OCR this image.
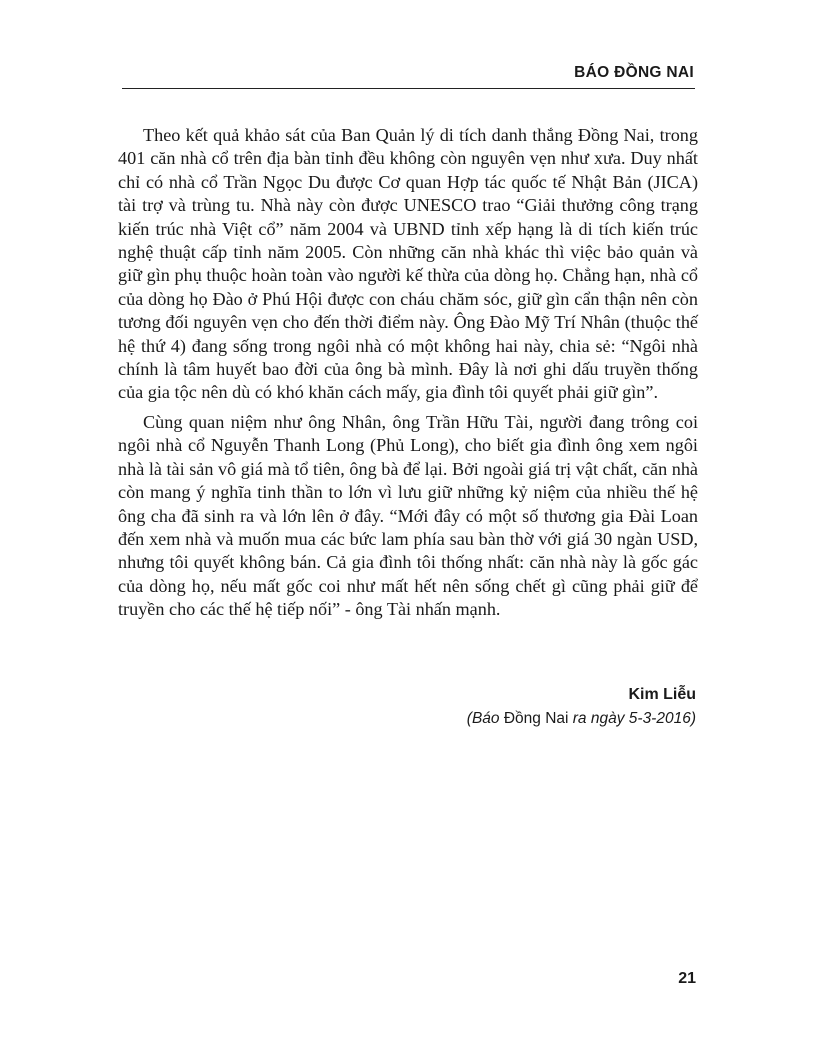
BÁO ĐỒNG NAI

Theo kết quả khảo sát của Ban Quản lý di tích danh thắng Đồng Nai, trong 401 căn nhà cổ trên địa bàn tỉnh đều không còn nguyên vẹn như xưa. Duy nhất chỉ có nhà cổ Trần Ngọc Du được Cơ quan Hợp tác quốc tế Nhật Bản (JICA) tài trợ và trùng tu. Nhà này còn được UNESCO trao “Giải thưởng công trạng kiến trúc nhà Việt cổ” năm 2004 và UBND tỉnh xếp hạng là di tích kiến trúc nghệ thuật cấp tỉnh năm 2005. Còn những căn nhà khác thì việc bảo quản và giữ gìn phụ thuộc hoàn toàn vào người kế thừa của dòng họ. Chẳng hạn, nhà cổ của dòng họ Đào ở Phú Hội được con cháu chăm sóc, giữ gìn cẩn thận nên còn tương đối nguyên vẹn cho đến thời điểm này. Ông Đào Mỹ Trí Nhân (thuộc thế hệ thứ 4) đang sống trong ngôi nhà có một không hai này, chia sẻ: “Ngôi nhà chính là tâm huyết bao đời của ông bà mình. Đây là nơi ghi dấu truyền thống của gia tộc nên dù có khó khăn cách mấy, gia đình tôi quyết phải giữ gìn”.

Cùng quan niệm như ông Nhân, ông Trần Hữu Tài, người đang trông coi ngôi nhà cổ Nguyễn Thanh Long (Phủ Long), cho biết gia đình ông xem ngôi nhà là tài sản vô giá mà tổ tiên, ông bà để lại. Bởi ngoài giá trị vật chất, căn nhà còn mang ý nghĩa tinh thần to lớn vì lưu giữ những kỷ niệm của nhiều thế hệ ông cha đã sinh ra và lớn lên ở đây. “Mới đây có một số thương gia Đài Loan đến xem nhà và muốn mua các bức lam phía sau bàn thờ với giá 30 ngàn USD, nhưng tôi quyết không bán. Cả gia đình tôi thống nhất: căn nhà này là gốc gác của dòng họ, nếu mất gốc coi như mất hết nên sống chết gì cũng phải giữ để truyền cho các thế hệ tiếp nối” - ông Tài nhấn mạnh.

Kim Liễu
(Báo Đồng Nai ra ngày 5-3-2016)
21
